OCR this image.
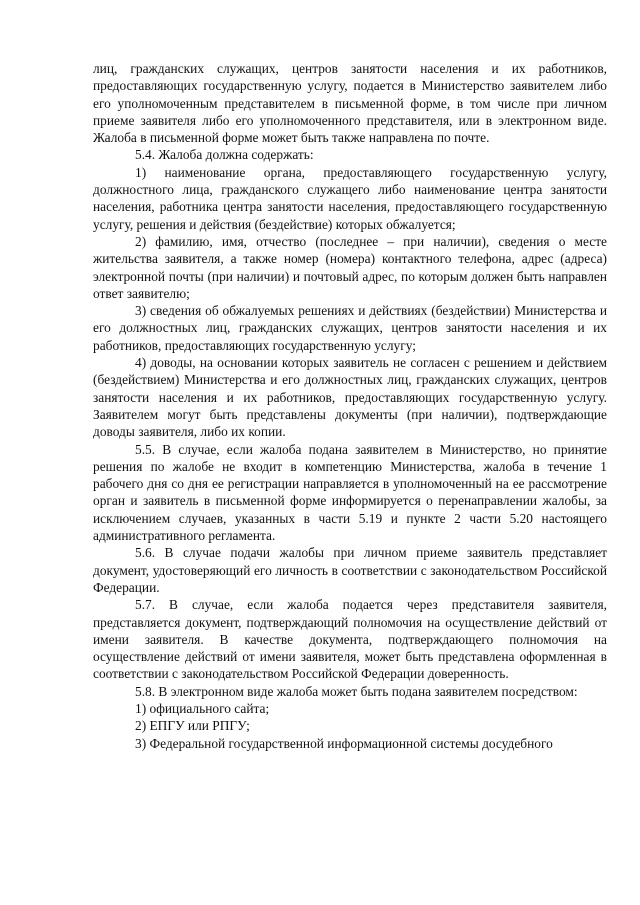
лиц, гражданских служащих, центров занятости населения и их работников, предоставляющих государственную услугу, подается в Министерство заявителем либо его уполномоченным представителем в письменной форме, в том числе при личном приеме заявителя либо его уполномоченного представителя, или в электронном виде. Жалоба в письменной форме может быть также направлена по почте.

5.4. Жалоба должна содержать:

1) наименование органа, предоставляющего государственную услугу, должностного лица, гражданского служащего либо наименование центра занятости населения, работника центра занятости населения, предоставляющего государственную услугу, решения и действия (бездействие) которых обжалуется;

2) фамилию, имя, отчество (последнее – при наличии), сведения о месте жительства заявителя, а также номер (номера) контактного телефона, адрес (адреса) электронной почты (при наличии) и почтовый адрес, по которым должен быть направлен ответ заявителю;

3) сведения об обжалуемых решениях и действиях (бездействии) Министерства и его должностных лиц, гражданских служащих, центров занятости населения и их работников, предоставляющих государственную услугу;

4) доводы, на основании которых заявитель не согласен с решением и действием (бездействием) Министерства и его должностных лиц, гражданских служащих, центров занятости населения и их работников, предоставляющих государственную услугу. Заявителем могут быть представлены документы (при наличии), подтверждающие доводы заявителя, либо их копии.

5.5. В случае, если жалоба подана заявителем в Министерство, но принятие решения по жалобе не входит в компетенцию Министерства, жалоба в течение 1 рабочего дня со дня ее регистрации направляется в уполномоченный на ее рассмотрение орган и заявитель в письменной форме информируется о перенаправлении жалобы, за исключением случаев, указанных в части 5.19 и пункте 2 части 5.20 настоящего административного регламента.

5.6. В случае подачи жалобы при личном приеме заявитель представляет документ, удостоверяющий его личность в соответствии с законодательством Российской Федерации.

5.7. В случае, если жалоба подается через представителя заявителя, представляется документ, подтверждающий полномочия на осуществление действий от имени заявителя. В качестве документа, подтверждающего полномочия на осуществление действий от имени заявителя, может быть представлена оформленная в соответствии с законодательством Российской Федерации доверенность.

5.8. В электронном виде жалоба может быть подана заявителем посредством:

1) официального сайта;

2) ЕПГУ или РПГУ;

3) Федеральной государственной информационной системы досудебного
